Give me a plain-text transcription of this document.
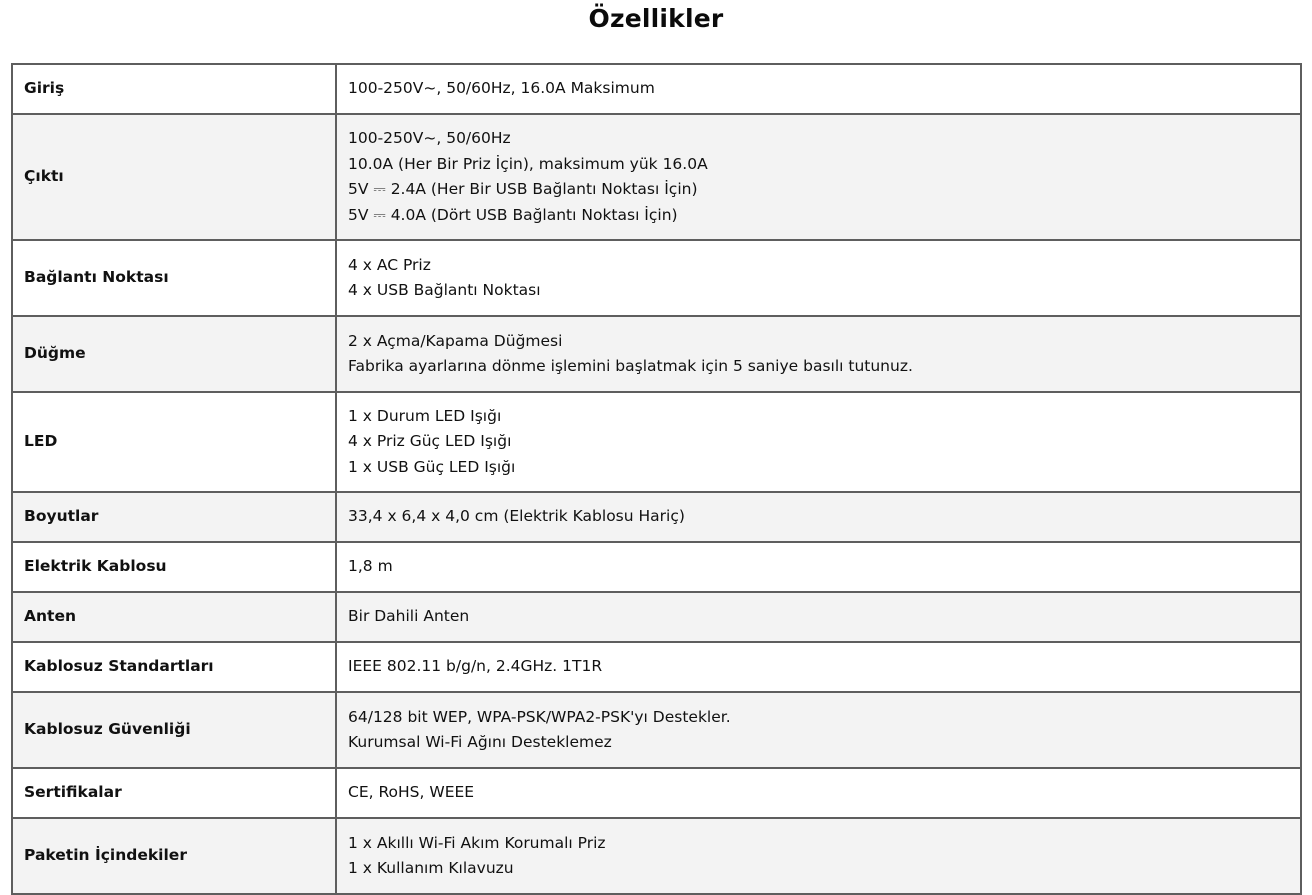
Özellikler
Giriş	100-250V~, 50/60Hz, 16.0A Maksimum

Çıktı	100-250V~, 50/60Hz
10.0A (Her Bir Priz İçin), maksimum yük 16.0A
5V ⎓ 2.4A (Her Bir USB Bağlantı Noktası İçin)
5V ⎓ 4.0A (Dört USB Bağlantı Noktası İçin)

Bağlantı Noktası	4 x AC Priz
4 x USB Bağlantı Noktası

Düğme	2 x Açma/Kapama Düğmesi
Fabrika ayarlarına dönme işlemini başlatmak için 5 saniye basılı tutunuz.

LED	1 x Durum LED Işığı
4 x Priz Güç LED Işığı
1 x USB Güç LED Işığı

Boyutlar	33,4 x 6,4 x 4,0 cm (Elektrik Kablosu Hariç)

Elektrik Kablosu	1,8 m

Anten	Bir Dahili Anten

Kablosuz Standartları	IEEE 802.11 b/g/n, 2.4GHz. 1T1R

Kablosuz Güvenliği	64/128 bit WEP, WPA-PSK/WPA2-PSK'yı Destekler.
Kurumsal Wi-Fi Ağını Desteklemez

Sertifikalar	CE, RoHS, WEEE

Paketin İçindekiler	1 x Akıllı Wi-Fi Akım Korumalı Priz
1 x Kullanım Kılavuzu
